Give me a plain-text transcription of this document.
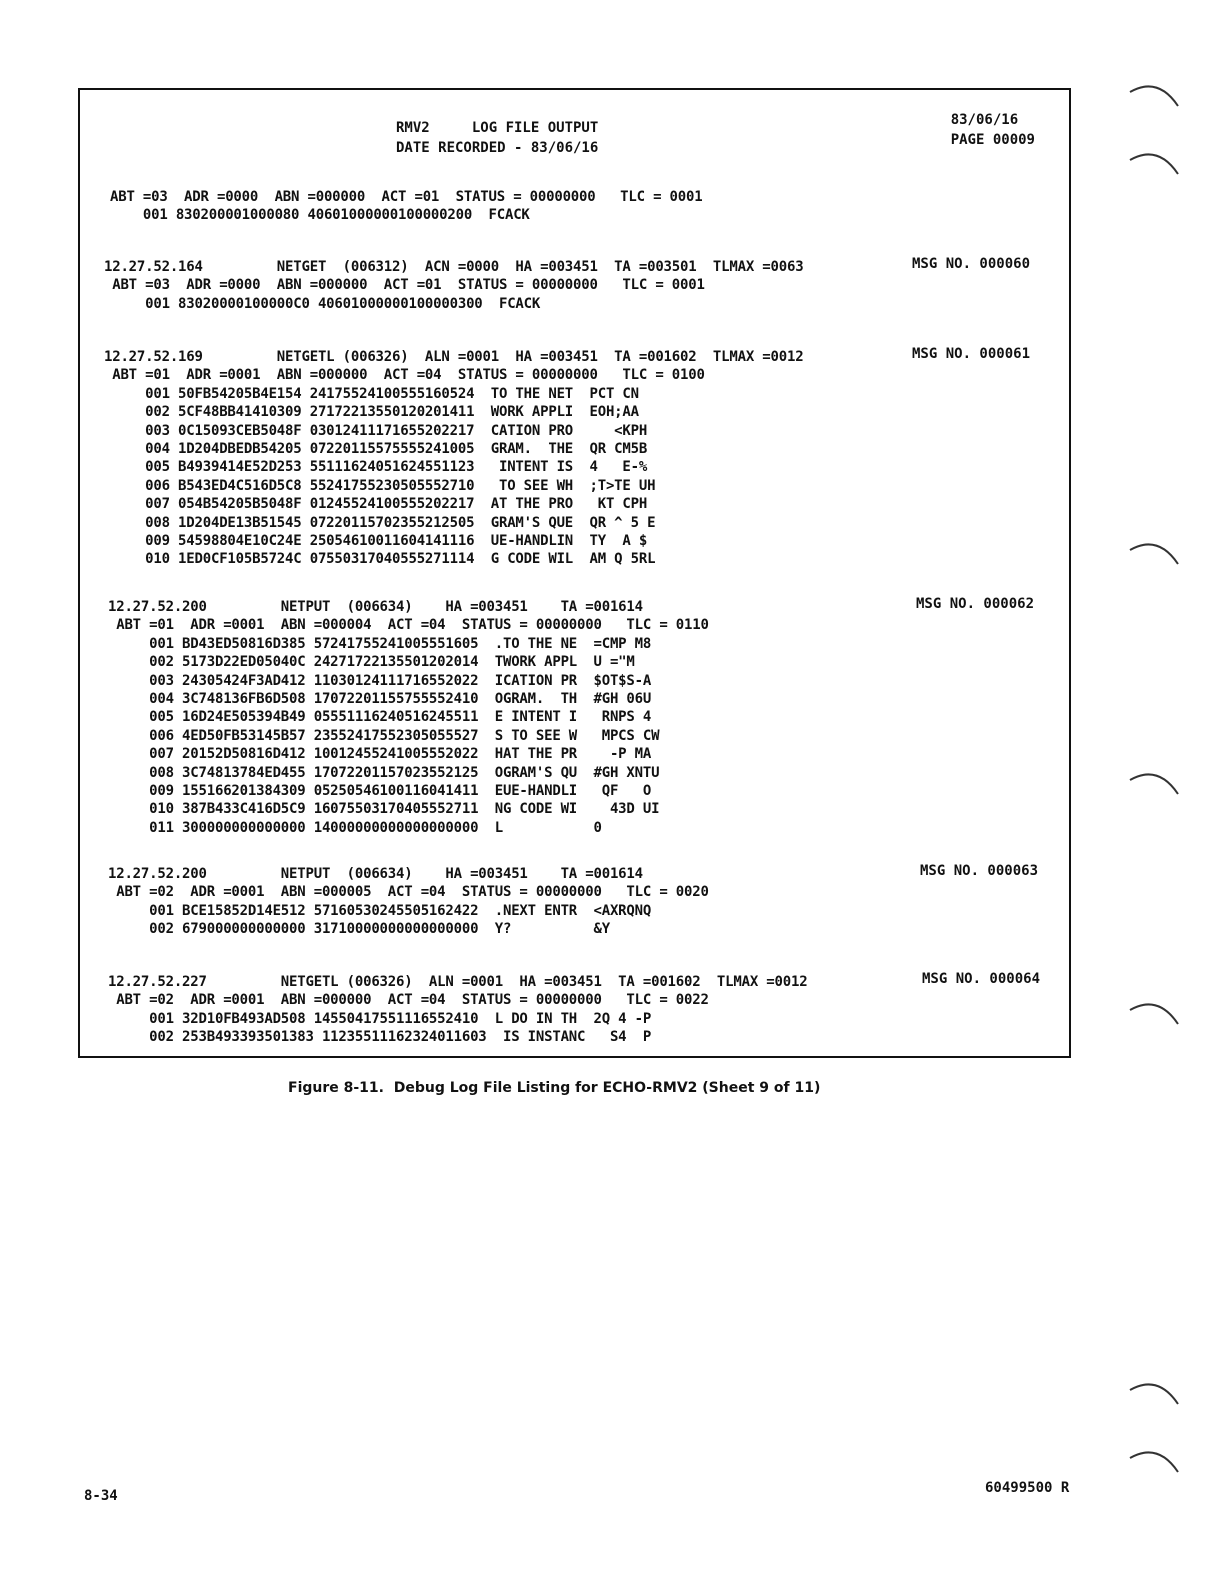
RMV2     LOG FILE OUTPUT
DATE RECORDED - 83/06/16
83/06/16
PAGE 00009
ABT =03  ADR =0000  ABN =000000  ACT =01  STATUS = 00000000   TLC = 0001
001 830200001000080 40601000000100000200  FCACK
12.27.52.164         NETGET  (006312)  ACN =0000  HA =003451  TA =003501  TLMAX =0063
ABT =03  ADR =0000  ABN =000000  ACT =01  STATUS = 00000000   TLC = 0001
001 83020000100000C0 40601000000100000300  FCACK
MSG NO. 000060
12.27.52.169         NETGETL (006326)  ALN =0001  HA =003451  TA =001602  TLMAX =0012
ABT =01  ADR =0001  ABN =000000  ACT =04  STATUS = 00000000   TLC = 0100
001 50FB54205B4E154 24175524100555160524  TO THE NET  PCT CN
002 5CF48BB41410309 27172213550120201411  WORK APPLI  EOH;AA
003 0C15093CEB5048F 03012411171655202217  CATION PRO     <KPH
004 1D204DBEDB54205 07220115575555241005  GRAM.  THE  QR CM5B
005 B4939414E52D253 55111624051624551123   INTENT IS  4   E-%
006 B543ED4C516D5C8 55241755230505552710   TO SEE WH  ;T>TE UH
007 054B54205B5048F 01245524100555202217  AT THE PRO   KT CPH
008 1D204DE13B51545 07220115702355212505  GRAM'S QUE  QR ^ 5 E
009 54598804E10C24E 25054610011604141116  UE-HANDLIN  TY  A $
010 1ED0CF105B5724C 07550317040555271114  G CODE WIL  AM Q 5RL
MSG NO. 000061
12.27.52.200         NETPUT  (006634)    HA =003451    TA =001614
ABT =01  ADR =0001  ABN =000004  ACT =04  STATUS = 00000000   TLC = 0110
001 BD43ED50816D385 57241755241005551605  .TO THE NE  =CMP M8
002 5173D22ED05040C 24271722135501202014  TWORK APPL  U ="M
003 24305424F3AD412 11030124111716552022  ICATION PR  $OT$S-A
004 3C748136FB6D508 17072201155755552410  OGRAM.  TH  #GH 06U
005 16D24E505394B49 05551116240516245511  E INTENT I   RNPS 4
006 4ED50FB53145B57 23552417552305055527  S TO SEE W   MPCS CW
007 20152D50816D412 10012455241005552022  HAT THE PR    -P MA
008 3C74813784ED455 17072201157023552125  OGRAM'S QU  #GH XNTU
009 155166201384309 05250546100116041411  EUE-HANDLI   QF   O
010 387B433C416D5C9 16075503170405552711  NG CODE WI    43D UI
011 300000000000000 14000000000000000000  L           0
MSG NO. 000062
12.27.52.200         NETPUT  (006634)    HA =003451    TA =001614
ABT =02  ADR =0001  ABN =000005  ACT =04  STATUS = 00000000   TLC = 0020
001 BCE15852D14E512 57160530245505162422  .NEXT ENTR  <AXRQNQ
002 679000000000000 31710000000000000000  Y?          &Y
MSG NO. 000063
12.27.52.227         NETGETL (006326)  ALN =0001  HA =003451  TA =001602  TLMAX =0012
ABT =02  ADR =0001  ABN =000000  ACT =04  STATUS = 00000000   TLC = 0022
001 32D10FB493AD508 14550417551116552410  L DO IN TH  2Q 4 -P
002 253B493393501383 11235511162324011603  IS INSTANC   S4  P
MSG NO. 000064
Figure 8-11.  Debug Log File Listing for ECHO-RMV2 (Sheet 9 of 11)
8-34	60499500 R
